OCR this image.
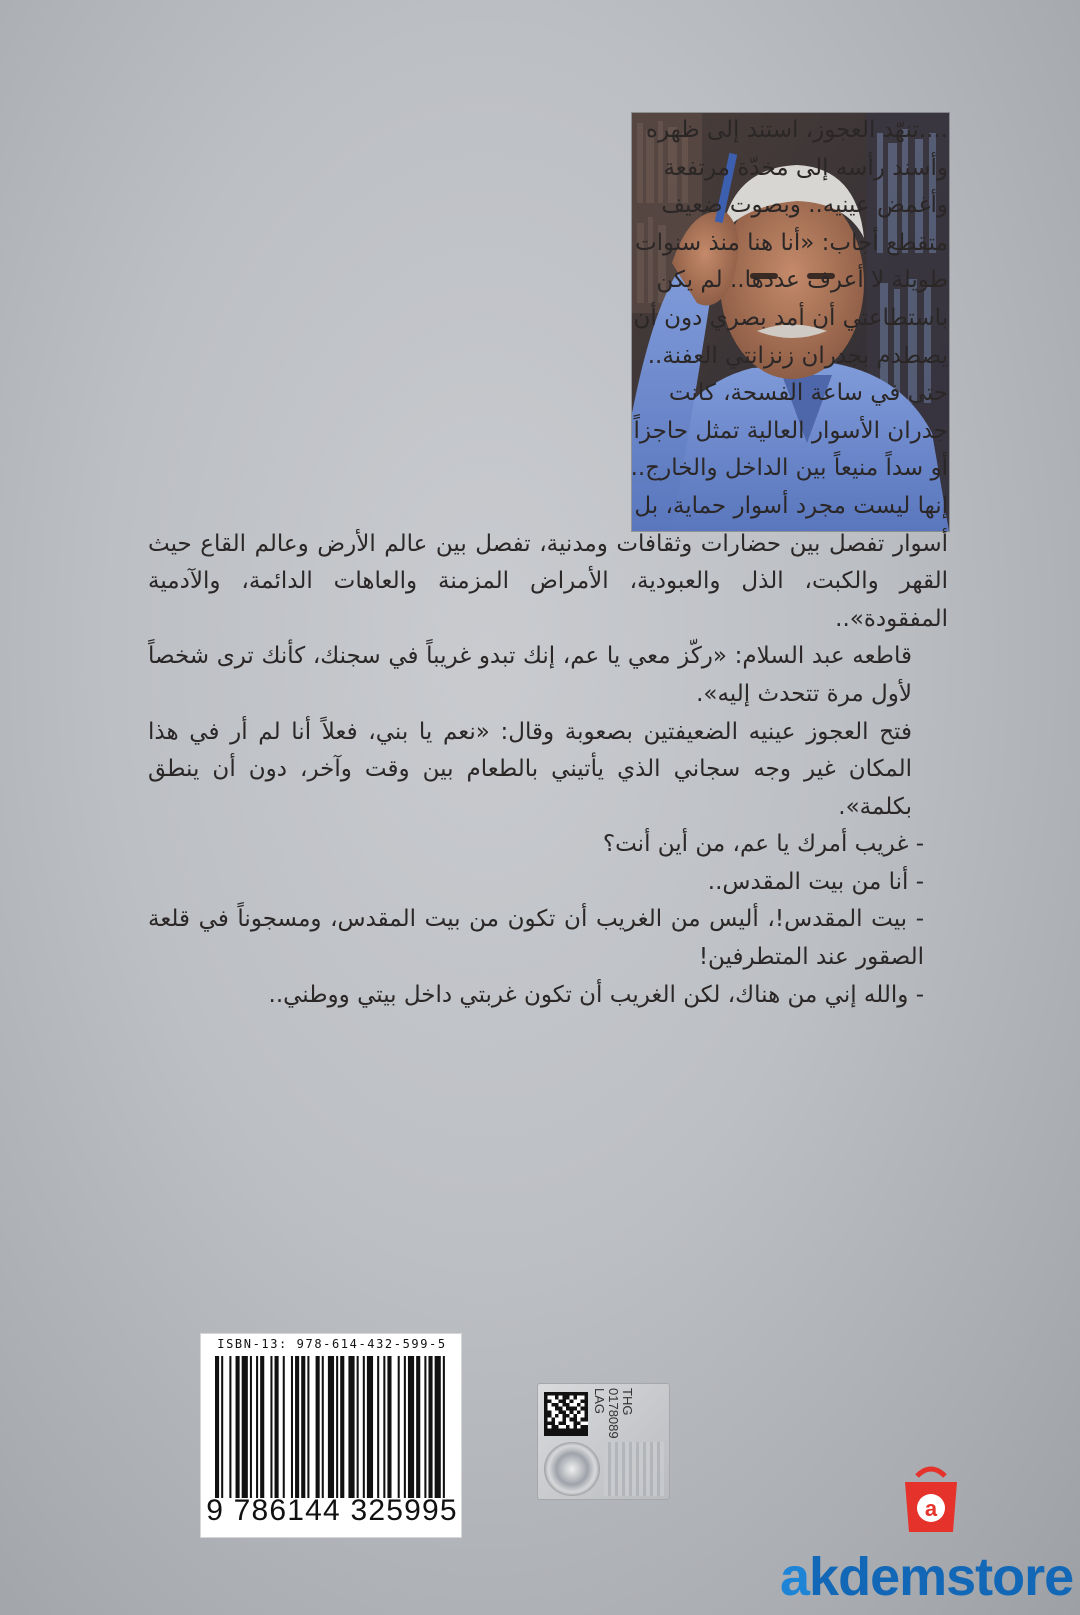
....تنهّد العجوز، استند إلى ظهره

وأسند رأسه إلى مخدّة مرتفعة

وأغمض عينيه.. وبصوت ضعيف

متقطع أجاب: «أنا هنا منذ سنوات

طويلة لا أعرف عددها.. لم يكن

باستطاعتي أن أمد بصري دون أن

يصطدم بجدران زنزانتي العفنة..

حتى في ساعة الفسحة، كانت

جدران الأسوار العالية تمثل حاجزاً

أو سداً منيعاً بين الداخل والخارج..

إنها ليست مجرد أسوار حماية، بل

أسوار تفصل بين حضارات وثقافات ومدنية، تفصل بين عالم الأرض وعالم القاع حيث القهر والكبت، الذل والعبودية، الأمراض المزمنة والعاهات الدائمة، والآدمية المفقودة»..

قاطعه عبد السلام: «ركّز معي يا عم، إنك تبدو غريباً في سجنك، كأنك ترى شخصاً لأول مرة تتحدث إليه».

فتح العجوز عينيه الضعيفتين بصعوبة وقال: «نعم يا بني، فعلاً أنا لم أر في هذا المكان غير وجه سجاني الذي يأتيني بالطعام بين وقت وآخر، دون أن ينطق بكلمة».

- غريب أمرك يا عم، من أين أنت؟

- أنا من بيت المقدس..

- بيت المقدس!، أليس من الغريب أن تكون من بيت المقدس، ومسجوناً في قلعة الصقور عند المتطرفين!

- والله إني من هناك، لكن الغريب أن تكون غربتي داخل بيتي ووطني..

ISBN-13: 978-614-432-599-5
9 786144 325995
THG
0178089
LAG
a
akdemstore
